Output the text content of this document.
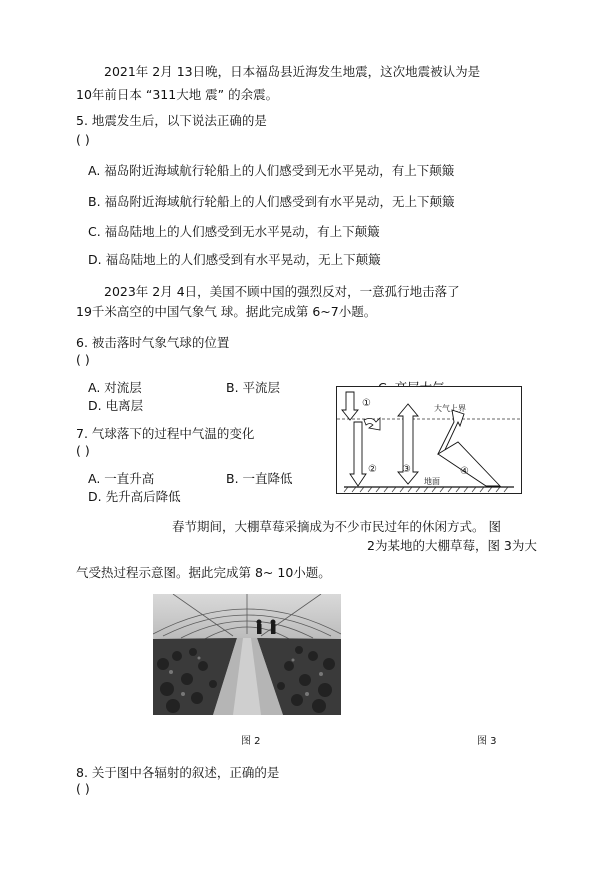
2021年 2月 13日晚，日本福岛县近海发生地震，这次地震被认为是
10年前日本 “311大地 震” 的余震。
5. 地震发生后，以下说法正确的是
( )
A. 福岛附近海域航行轮船上的人们感受到无水平晃动，有上下颠簸
B. 福岛附近海域航行轮船上的人们感受到有水平晃动，无上下颠簸
C. 福岛陆地上的人们感受到无水平晃动，有上下颠簸
D. 福岛陆地上的人们感受到有水平晃动，无上下颠簸
2023年 2月 4日，美国不顾中国的强烈反对，一意孤行地击落了
19千米高空的中国气象气 球。据此完成第 6~7小题。
6. 被击落时气象气球的位置
( )
A. 对流层	B. 平流层
D. 电离层
7. 气球落下的过程中气温的变化
( )
A. 一直升高	B. 一直降低
D. 先升高后降低
大气上界
地面
①
②	③	④
春节期间，大棚草莓采摘成为不少市民过年的休闲方式。 图
2为某地的大棚草莓，图 3为大
气受热过程示意图。据此完成第 8~ 10小题。
图 2	图 3
8. 关于图中各辐射的叙述，正确的是
( )
